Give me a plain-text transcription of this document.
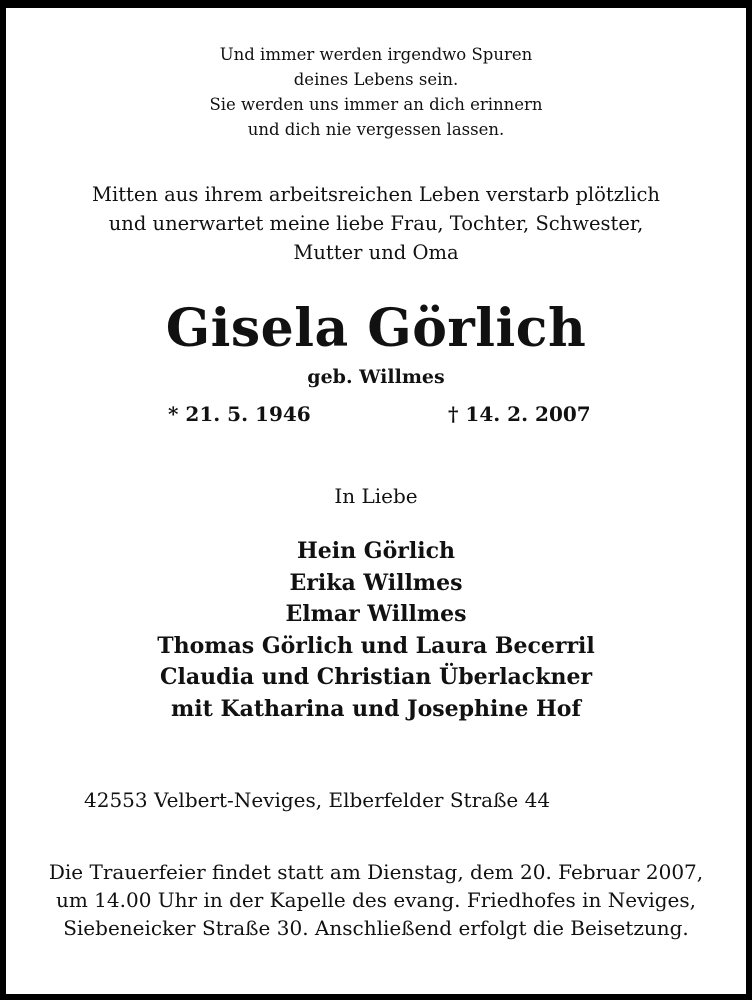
Und immer werden irgendwo Spuren
deines Lebens sein.
Sie werden uns immer an dich erinnern
und dich nie vergessen lassen.
Mitten aus ihrem arbeitsreichen Leben verstarb plötzlich
und unerwartet meine liebe Frau, Tochter, Schwester,
Mutter und Oma
Gisela Görlich
geb. Willmes
* 21. 5. 1946	† 14. 2. 2007
In Liebe
Hein Görlich
Erika Willmes
Elmar Willmes
Thomas Görlich und Laura Becerril
Claudia und Christian Überlackner
mit Katharina und Josephine Hof
42553 Velbert-Neviges, Elberfelder Straße 44
Die Trauerfeier findet statt am Dienstag, dem 20. Februar 2007,
um 14.00 Uhr in der Kapelle des evang. Friedhofes in Neviges,
Siebeneicker Straße 30. Anschließend erfolgt die Beisetzung.
